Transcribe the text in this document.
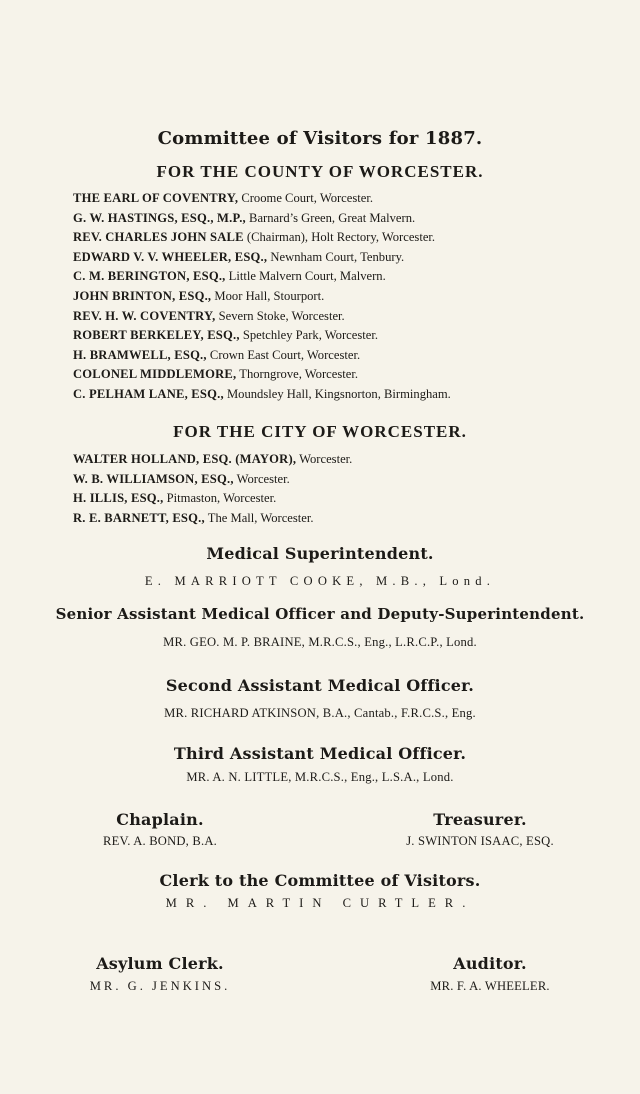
Committee of Visitors for 1887.
FOR THE COUNTY OF WORCESTER.
THE EARL OF COVENTRY, Croome Court, Worcester.
G. W. HASTINGS, ESQ., M.P., Barnard’s Green, Great Malvern.
REV. CHARLES JOHN SALE (Chairman), Holt Rectory, Worcester.
EDWARD V. V. WHEELER, ESQ., Newnham Court, Tenbury.
C. M. BERINGTON, ESQ., Little Malvern Court, Malvern.
JOHN BRINTON, ESQ., Moor Hall, Stourport.
REV. H. W. COVENTRY, Severn Stoke, Worcester.
ROBERT BERKELEY, ESQ., Spetchley Park, Worcester.
H. BRAMWELL, ESQ., Crown East Court, Worcester.
COLONEL MIDDLEMORE, Thorngrove, Worcester.
C. PELHAM LANE, ESQ., Moundsley Hall, Kingsnorton, Birmingham.
FOR THE CITY OF WORCESTER.
WALTER HOLLAND, ESQ. (MAYOR), Worcester.
W. B. WILLIAMSON, ESQ., Worcester.
H. ILLIS, ESQ., Pitmaston, Worcester.
R. E. BARNETT, ESQ., The Mall, Worcester.
Medical Superintendent.
E. MARRIOTT COOKE, M.B., Lond.
Senior Assistant Medical Officer and Deputy-Superintendent.
MR. GEO. M. P. BRAINE, M.R.C.S., Eng., L.R.C.P., Lond.
Second Assistant Medical Officer.
MR. RICHARD ATKINSON, B.A., Cantab., F.R.C.S., Eng.
Third Assistant Medical Officer.
MR. A. N. LITTLE, M.R.C.S., Eng., L.S.A., Lond.
Chaplain.
REV. A. BOND, B.A.
Treasurer.
J. SWINTON ISAAC, ESQ.
Clerk to the Committee of Visitors.
MR. MARTIN CURTLER.
Asylum Clerk.
MR. G. JENKINS.
Auditor.
MR. F. A. WHEELER.
